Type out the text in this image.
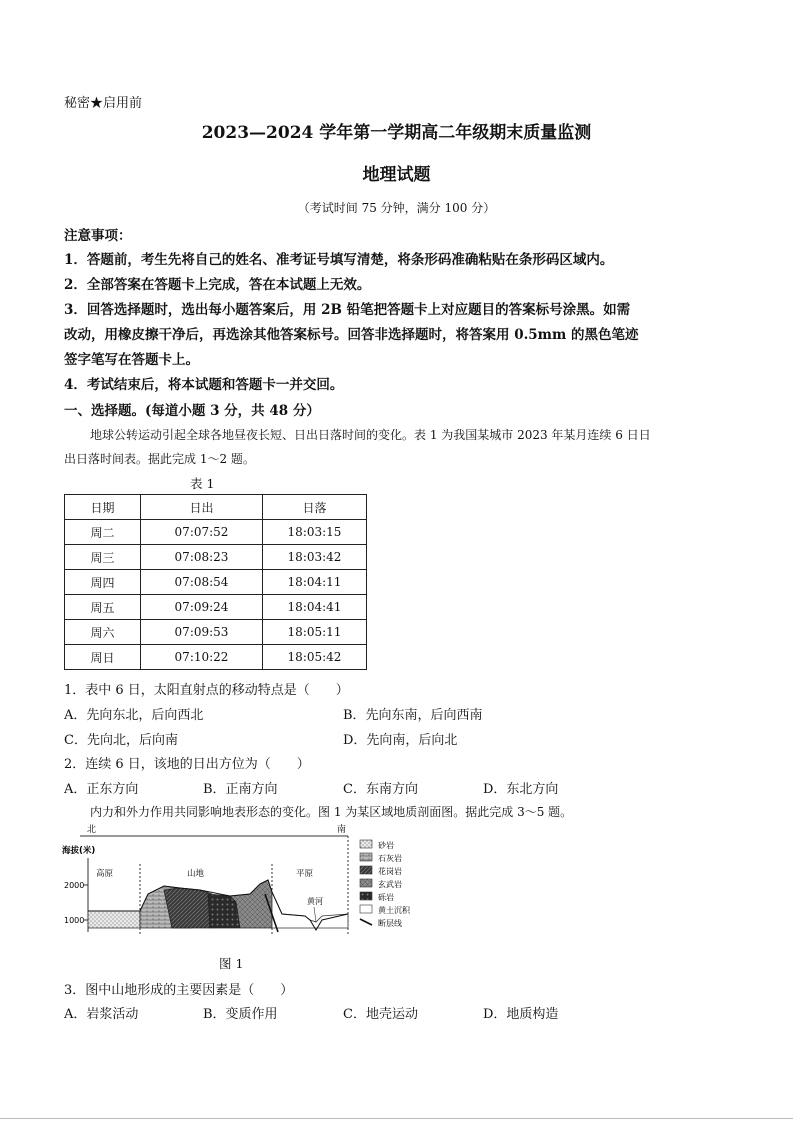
秘密★启用前
2023—2024 学年第一学期高二年级期末质量监测
地理试题
（考试时间 75 分钟，满分 100 分）
注意事项：
1．答题前，考生先将自己的姓名、准考证号填写清楚，将条形码准确粘贴在条形码区域内。
2．全部答案在答题卡上完成，答在本试题上无效。
3．回答选择题时，选出每小题答案后，用 2B 铅笔把答题卡上对应题目的答案标号涂黑。如需
改动，用橡皮擦干净后，再选涂其他答案标号。回答非选择题时，将答案用 0.5mm 的黑色笔迹
签字笔写在答题卡上。
4．考试结束后，将本试题和答题卡一并交回。
一、选择题。(每道小题 3 分，共 48 分）
地球公转运动引起全球各地昼夜长短、日出日落时间的变化。表 1 为我国某城市 2023 年某月连续 6 日日
出日落时间表。据此完成 1～2 题。
表 1
日期	日出	日落
周二	07:07:52	18:03:15
周三	07:08:23	18:03:42
周四	07:08:54	18:04:11
周五	07:09:24	18:04:41
周六	07:09:53	18:05:11
周日	07:10:22	18:05:42
1．表中 6 日，太阳直射点的移动特点是（　　）
A．先向东北，后向西北	B．先向东南，后向西南
C．先向北，后向南	D．先向南，后向北
2．连续 6 日，该地的日出方位为（　　）
A．正东方向	B．正南方向	C．东南方向	D．东北方向
内力和外力作用共同影响地表形态的变化。图 1 为某区域地质剖面图。据此完成 3～5 题。
北	南
海拔(米)
2000
1000
高原	山地	平原
黄河
砂岩
石灰岩
花岗岩
玄武岩
砾岩
黄土沉积
断层线
图 1
3．图中山地形成的主要因素是（　　）
A．岩浆活动	B．变质作用	C．地壳运动	D．地质构造
